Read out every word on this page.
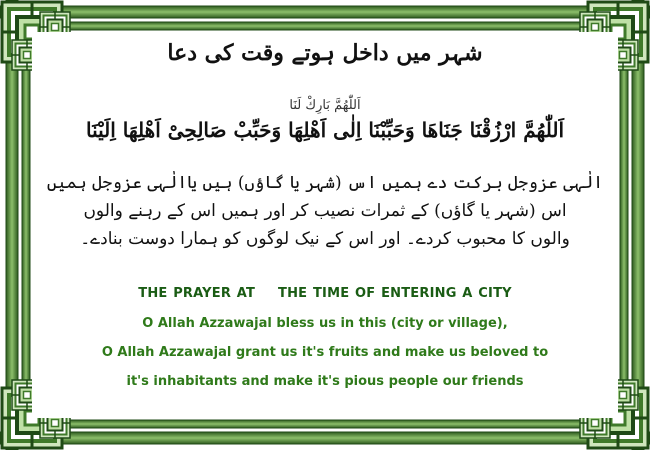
شہر میں داخل ہوتے وقت کی دعا
اَللّٰهُمَّ بَارِكْ لَنَا
اَللّٰهُمَّ ارْزُقْنَا جَنَاهَا وَحَبِّبْنَا اِلٰى اَهْلِهَا وَحَبِّبْ صَالِحِىْ اَهْلِهَا اِلَيْنَا
الٰہی عزوجل برکت دے ہمیں اس (شہر یا گاؤں) ہیں یاالٰہی عزوجل ہمیں
اس (شہر یا گاؤں) کے ثمرات نصیب کر اور ہمیں اس کے رہنے والوں
والوں کا محبوب کردے۔ اور اس کے نیک لوگوں کو ہمارا دوست بنادے۔
THE PRAYER AT    THE TIME OF ENTERING A CITY
O Allah Azzawajal bless us in this (city or village),
O Allah Azzawajal grant us it's fruits and make us beloved to
it's inhabitants and make it's pious people our friends
